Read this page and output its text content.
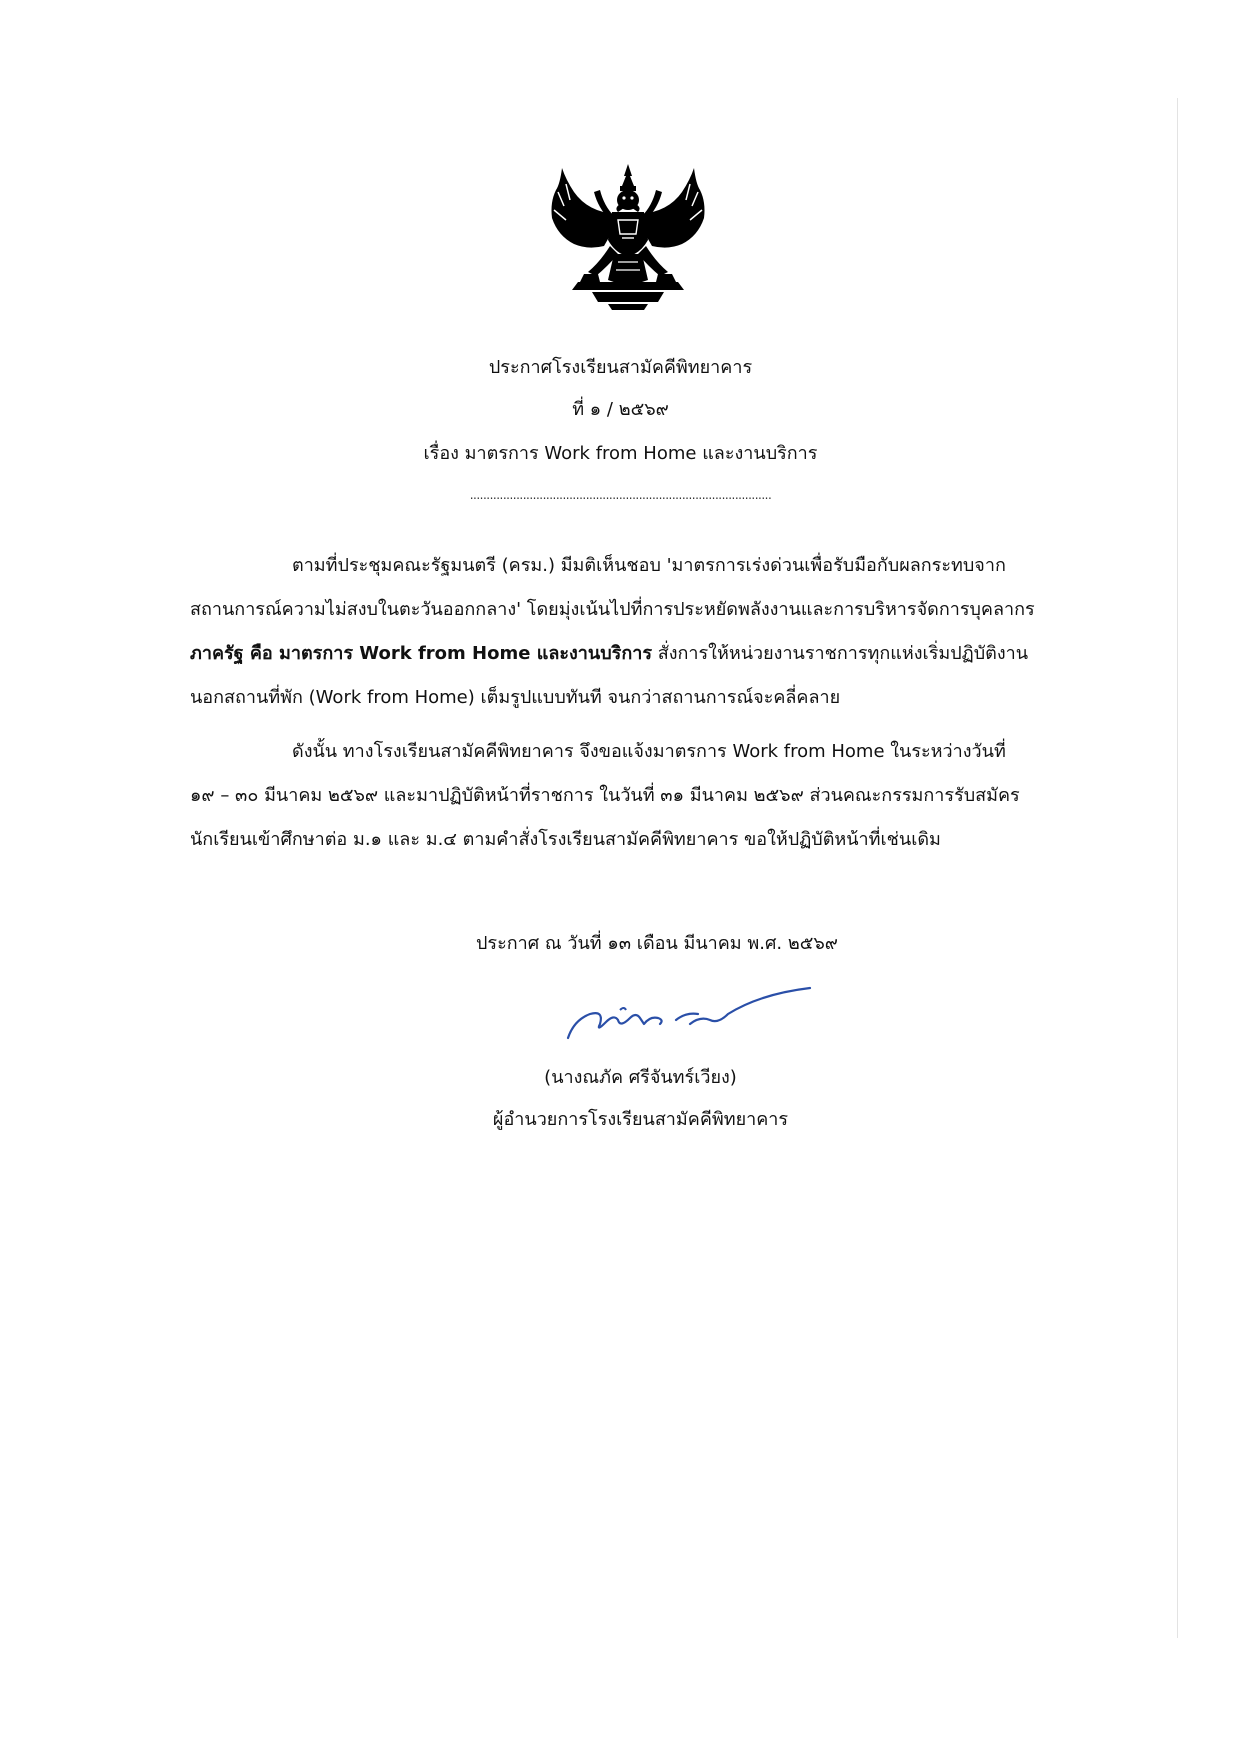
ประกาศโรงเรียนสามัคคีพิทยาคาร
ที่ ๑ / ๒๕๖๙
เรื่อง มาตรการ Work from Home และงานบริการ
...........................................................................................
ตามที่ประชุมคณะรัฐมนตรี (ครม.) มีมติเห็นชอบ 'มาตรการเร่งด่วนเพื่อรับมือกับผลกระทบจาก
สถานการณ์ความไม่สงบในตะวันออกกลาง' โดยมุ่งเน้นไปที่การประหยัดพลังงานและการบริหารจัดการบุคลากร
ภาครัฐ คือ มาตรการ Work from Home และงานบริการ สั่งการให้หน่วยงานราชการทุกแห่งเริ่มปฏิบัติงาน
นอกสถานที่พัก (Work from Home) เต็มรูปแบบทันที จนกว่าสถานการณ์จะคลี่คลาย
ดังนั้น ทางโรงเรียนสามัคคีพิทยาคาร จึงขอแจ้งมาตรการ Work from Home ในระหว่างวันที่
๑๙ – ๓๐ มีนาคม ๒๕๖๙ และมาปฏิบัติหน้าที่ราชการ ในวันที่ ๓๑ มีนาคม ๒๕๖๙ ส่วนคณะกรรมการรับสมัคร
นักเรียนเข้าศึกษาต่อ ม.๑ และ ม.๔ ตามคำสั่งโรงเรียนสามัคคีพิทยาคาร ขอให้ปฏิบัติหน้าที่เช่นเดิม
ประกาศ ณ วันที่ ๑๓ เดือน มีนาคม พ.ศ. ๒๕๖๙
(นางณภัค ศรีจันทร์เวียง)
ผู้อำนวยการโรงเรียนสามัคคีพิทยาคาร
